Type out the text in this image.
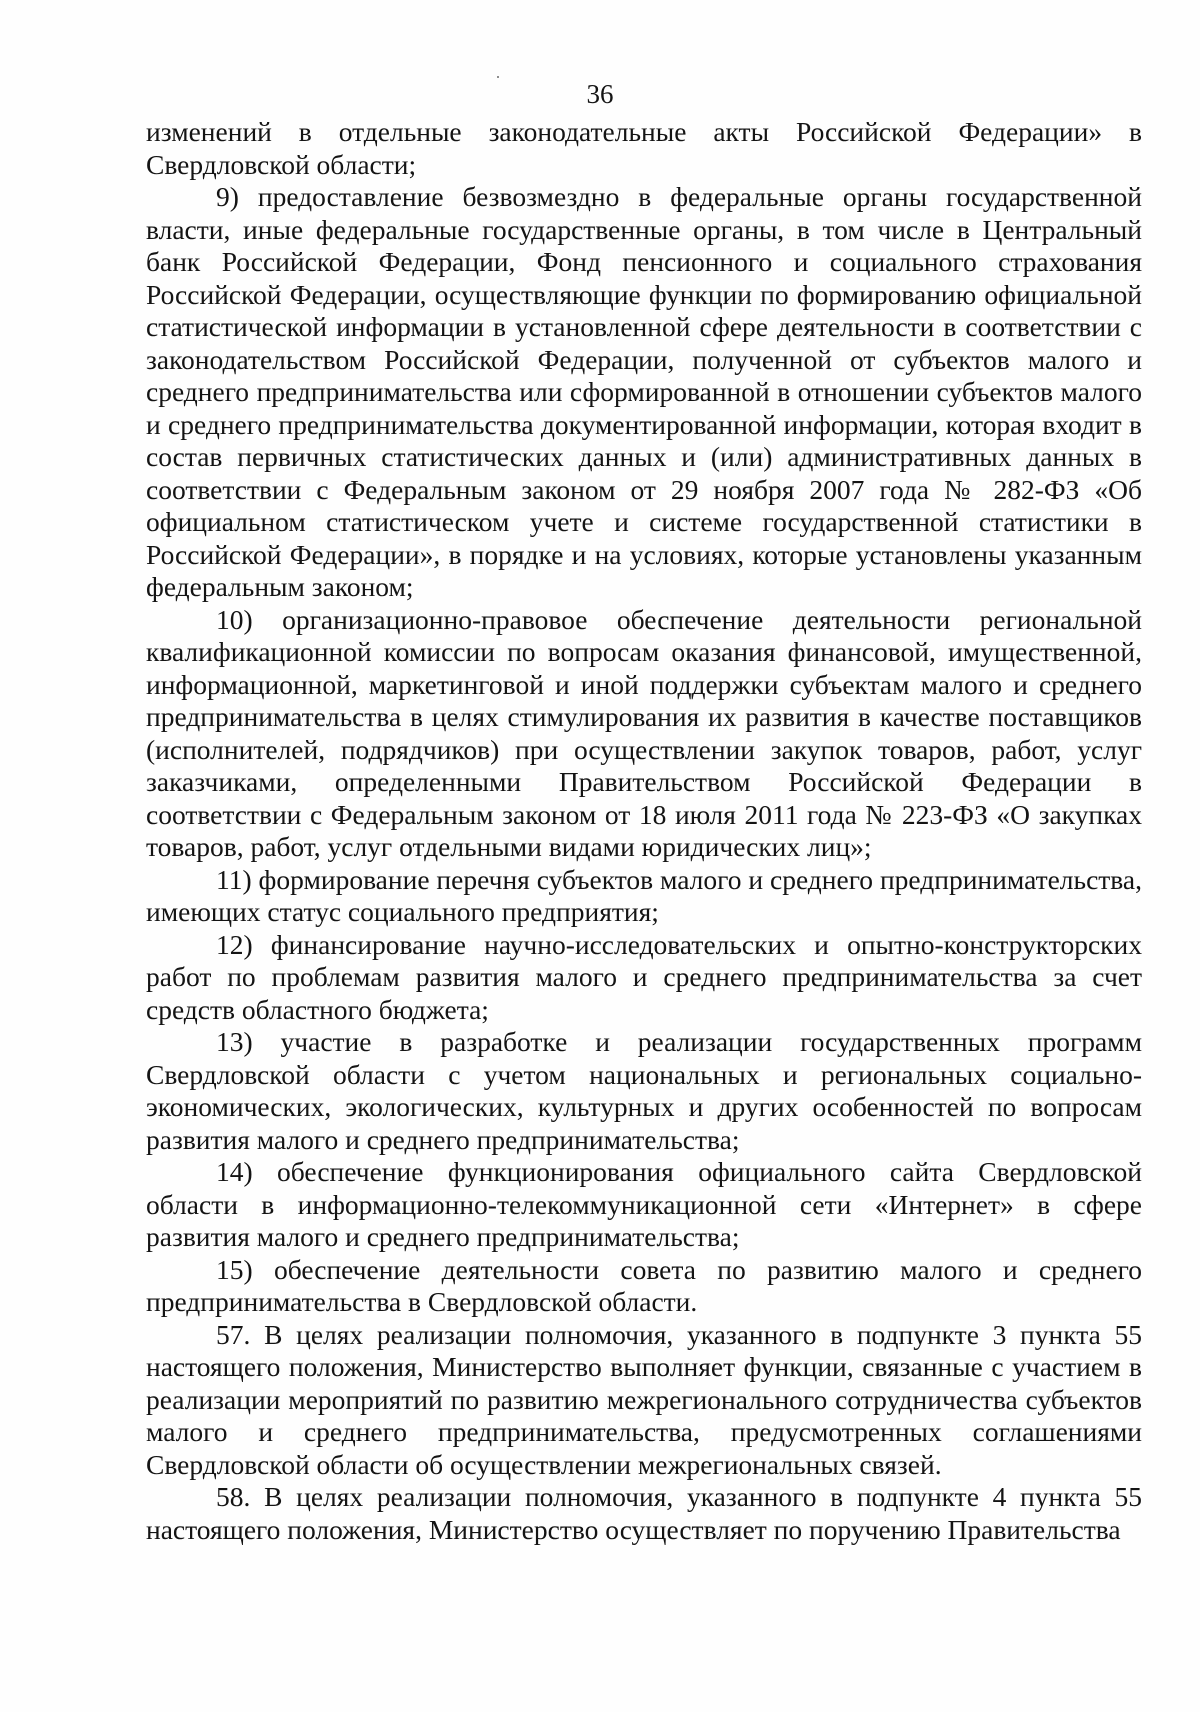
36

изменений в отдельные законодательные акты Российской Федерации» в Свердловской области;

9) предоставление безвозмездно в федеральные органы государственной власти, иные федеральные государственные органы, в том числе в Центральный банк Российской Федерации, Фонд пенсионного и социального страхования Российской Федерации, осуществляющие функции по формированию официальной статистической информации в установленной сфере деятельности в соответствии с законодательством Российской Федерации, полученной от субъектов малого и среднего предпринимательства или сформированной в отношении субъектов малого и среднего предпринимательства документированной информации, которая входит в состав первичных статистических данных и (или) административных данных в соответствии с Федеральным законом от 29 ноября 2007 года № 282-ФЗ «Об официальном статистическом учете и системе государственной статистики в Российской Федерации», в порядке и на условиях, которые установлены указанным федеральным законом;

10) организационно-правовое обеспечение деятельности региональной квалификационной комиссии по вопросам оказания финансовой, имущественной, информационной, маркетинговой и иной поддержки субъектам малого и среднего предпринимательства в целях стимулирования их развития в качестве поставщиков (исполнителей, подрядчиков) при осуществлении закупок товаров, работ, услуг заказчиками, определенными Правительством Российской Федерации в соответствии с Федеральным законом от 18 июля 2011 года № 223-ФЗ «О закупках товаров, работ, услуг отдельными видами юридических лиц»;

11) формирование перечня субъектов малого и среднего предпринимательства, имеющих статус социального предприятия;

12) финансирование научно-исследовательских и опытно-конструкторских работ по проблемам развития малого и среднего предпринимательства за счет средств областного бюджета;

13) участие в разработке и реализации государственных программ Свердловской области с учетом национальных и региональных социально-экономических, экологических, культурных и других особенностей по вопросам развития малого и среднего предпринимательства;

14) обеспечение функционирования официального сайта Свердловской области в информационно-телекоммуникационной сети «Интернет» в сфере развития малого и среднего предпринимательства;

15) обеспечение деятельности совета по развитию малого и среднего предпринимательства в Свердловской области.

57. В целях реализации полномочия, указанного в подпункте 3 пункта 55 настоящего положения, Министерство выполняет функции, связанные с участием в реализации мероприятий по развитию межрегионального сотрудничества субъектов малого и среднего предпринимательства, предусмотренных соглашениями Свердловской области об осуществлении межрегиональных связей.

58. В целях реализации полномочия, указанного в подпункте 4 пункта 55 настоящего положения, Министерство осуществляет по поручению Правительства
